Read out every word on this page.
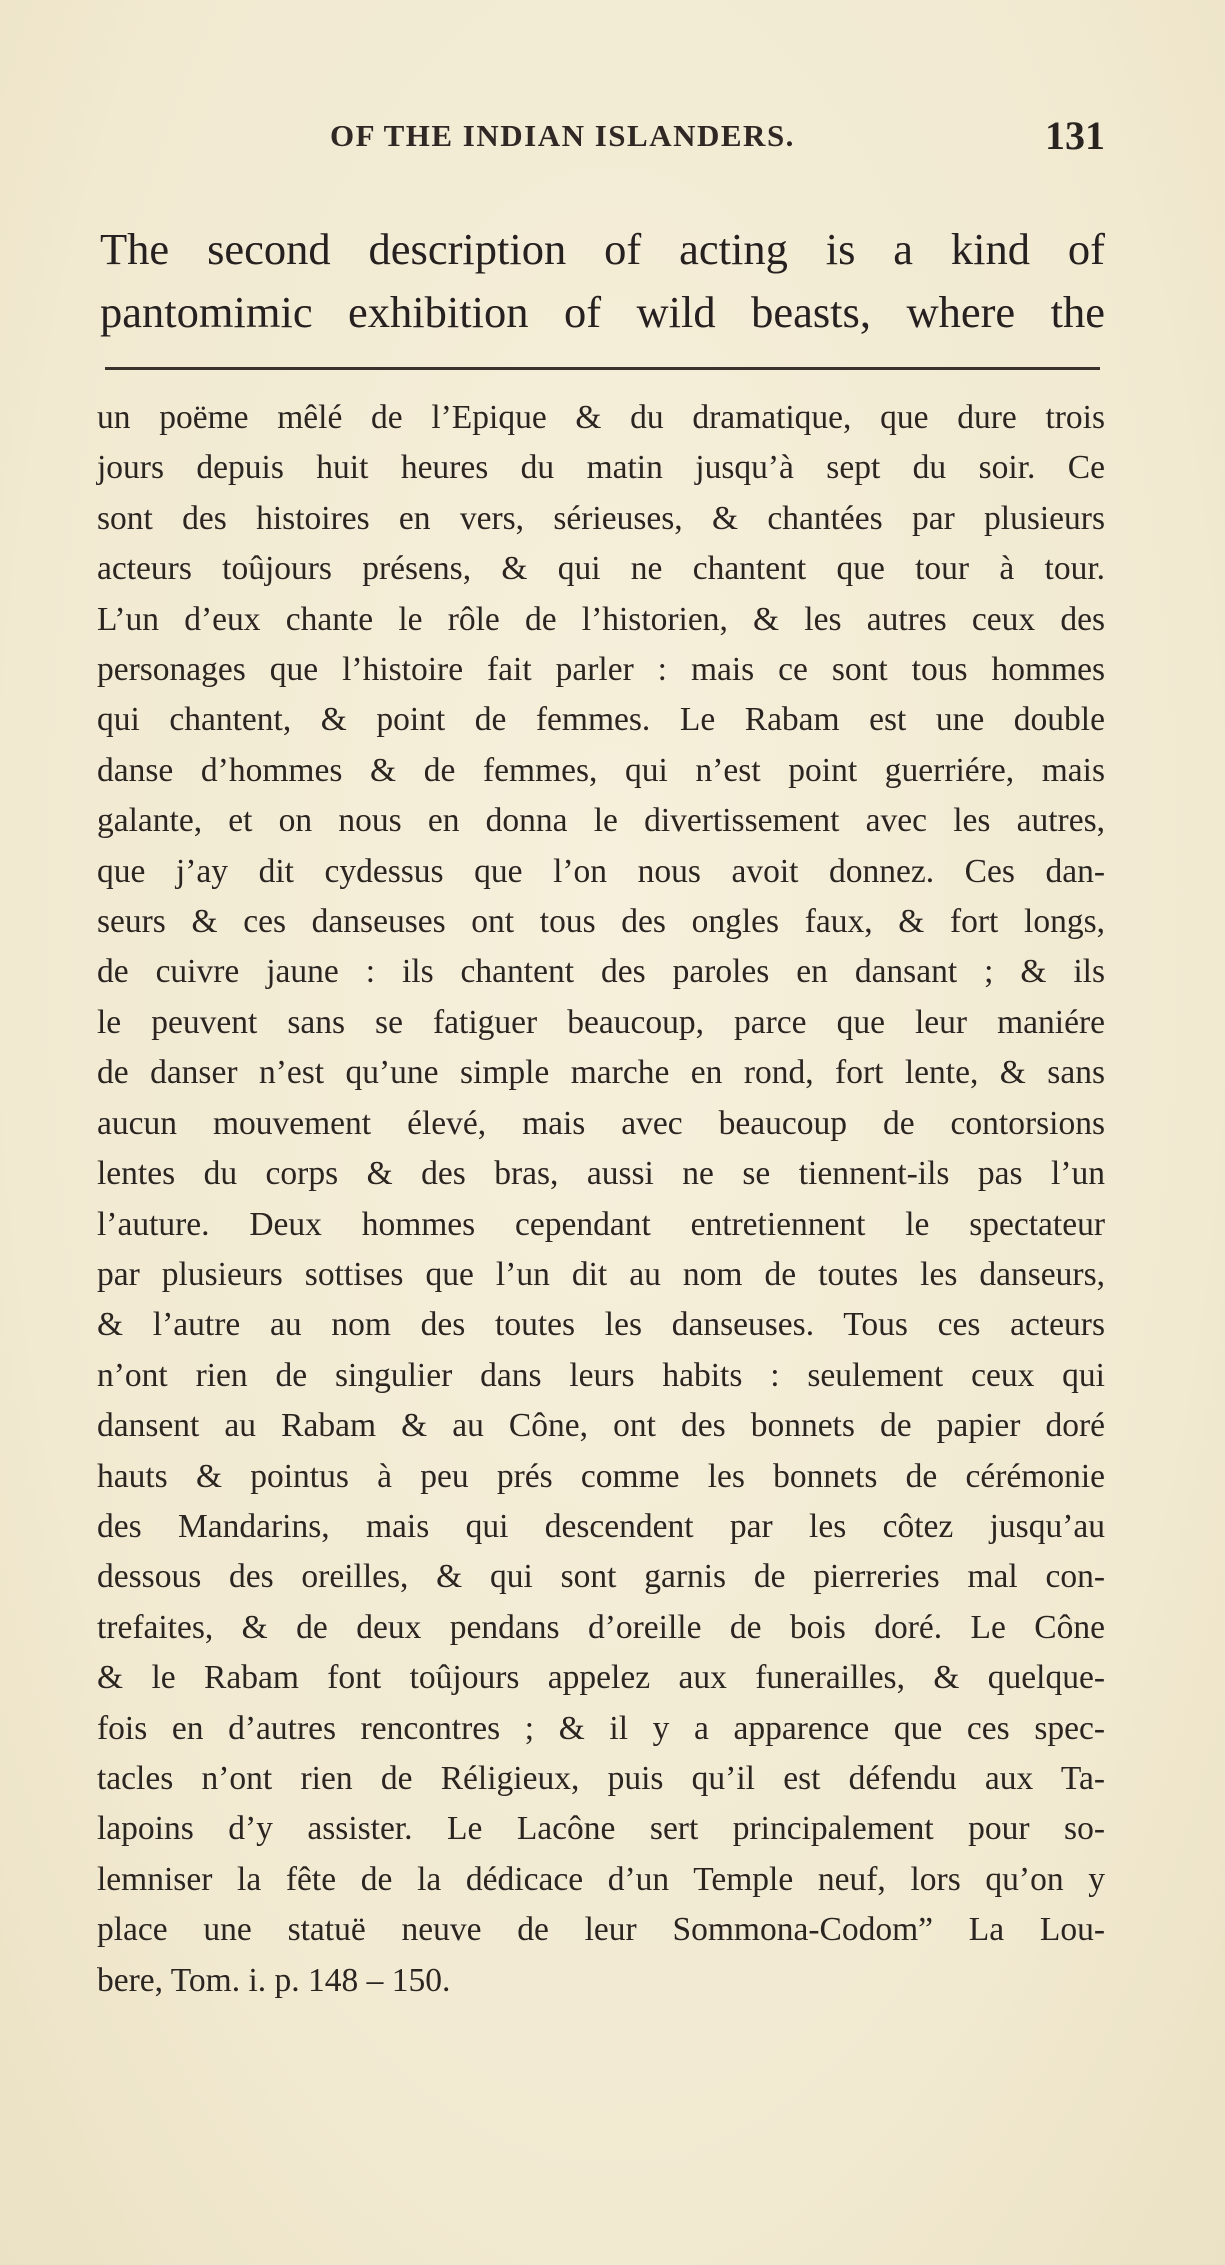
OF THE INDIAN ISLANDERS.	131
The second description of acting is a kind of
pantomimic exhibition of wild beasts, where the
un poëme mêlé de l’Epique & du dramatique, que dure trois
jours depuis huit heures du matin jusqu’à sept du soir. Ce
sont des histoires en vers, sérieuses, & chantées par plusieurs
acteurs toûjours présens, & qui ne chantent que tour à tour.
L’un d’eux chante le rôle de l’historien, & les autres ceux des
personages que l’histoire fait parler : mais ce sont tous hommes
qui chantent, & point de femmes. Le Rabam est une double
danse d’hommes & de femmes, qui n’est point guerriére, mais
galante, et on nous en donna le divertissement avec les autres,
que j’ay dit cydessus que l’on nous avoit donnez. Ces dan-
seurs & ces danseuses ont tous des ongles faux, & fort longs,
de cuivre jaune : ils chantent des paroles en dansant ; & ils
le peuvent sans se fatiguer beaucoup, parce que leur maniére
de danser n’est qu’une simple marche en rond, fort lente, & sans
aucun mouvement élevé, mais avec beaucoup de contorsions
lentes du corps & des bras, aussi ne se tiennent-ils pas l’un
l’auture. Deux hommes cependant entretiennent le spectateur
par plusieurs sottises que l’un dit au nom de toutes les danseurs,
& l’autre au nom des toutes les danseuses. Tous ces acteurs
n’ont rien de singulier dans leurs habits : seulement ceux qui
dansent au Rabam & au Cône, ont des bonnets de papier doré
hauts & pointus à peu prés comme les bonnets de cérémonie
des Mandarins, mais qui descendent par les côtez jusqu’au
dessous des oreilles, & qui sont garnis de pierreries mal con-
trefaites, & de deux pendans d’oreille de bois doré. Le Cône
& le Rabam font toûjours appelez aux funerailles, & quelque-
fois en d’autres rencontres ; & il y a apparence que ces spec-
tacles n’ont rien de Réligieux, puis qu’il est défendu aux Ta-
lapoins d’y assister. Le Lacône sert principalement pour so-
lemniser la fête de la dédicace d’un Temple neuf, lors qu’on y
place une statuë neuve de leur Sommona-Codom” La Lou-
bere, Tom. i. p. 148 – 150.
